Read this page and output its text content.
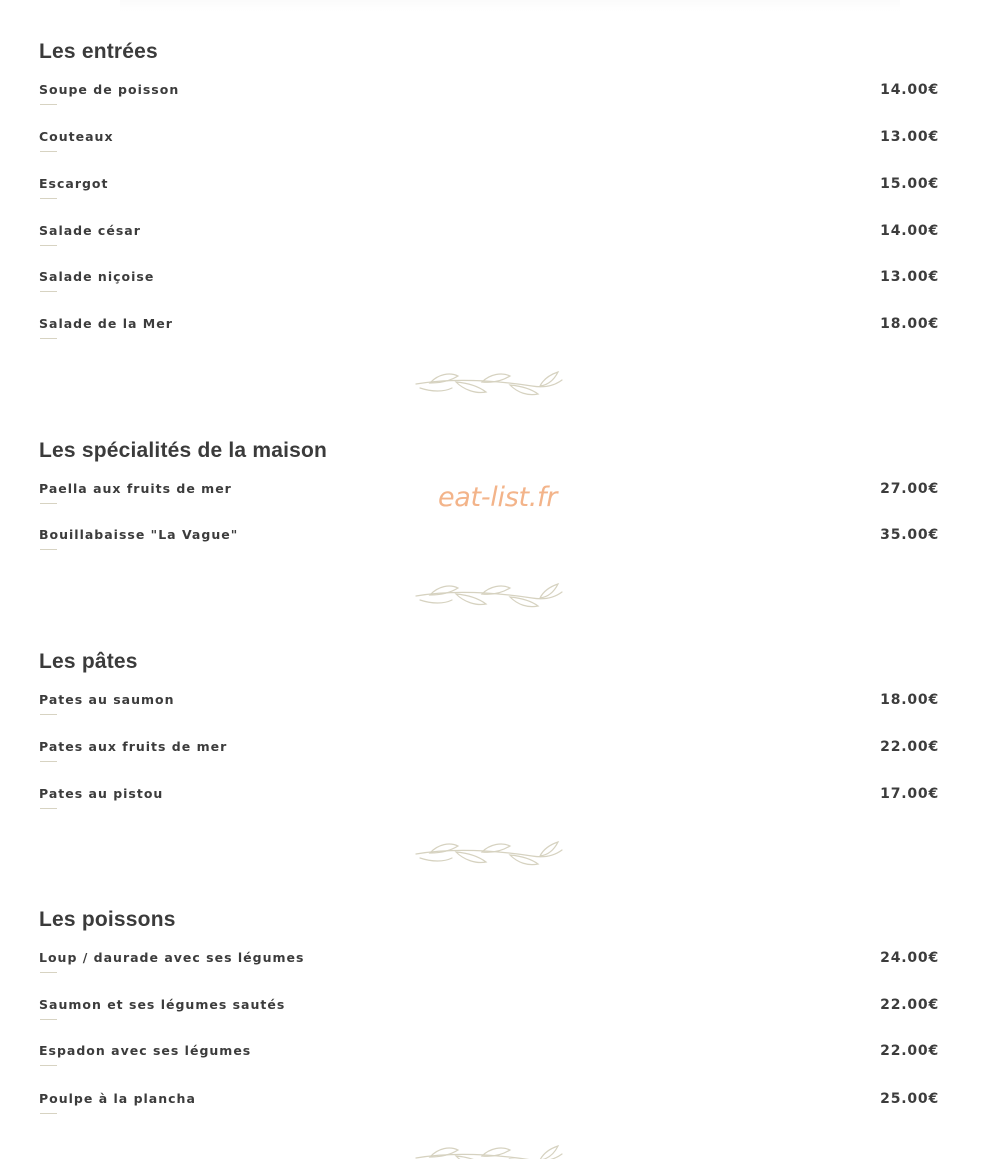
Les entrées
Soupe de poisson	14.00€
Couteaux	13.00€
Escargot	15.00€
Salade césar	14.00€
Salade niçoise	13.00€
Salade de la Mer	18.00€
Les spécialités de la maison
Paella aux fruits de mer	27.00€
Bouillabaisse "La Vague"	35.00€
eat-list.fr
Les pâtes
Pates au saumon	18.00€
Pates aux fruits de mer	22.00€
Pates au pistou	17.00€
Les poissons
Loup / daurade avec ses légumes	24.00€
Saumon et ses légumes sautés	22.00€
Espadon avec ses légumes	22.00€
Poulpe à la plancha	25.00€
